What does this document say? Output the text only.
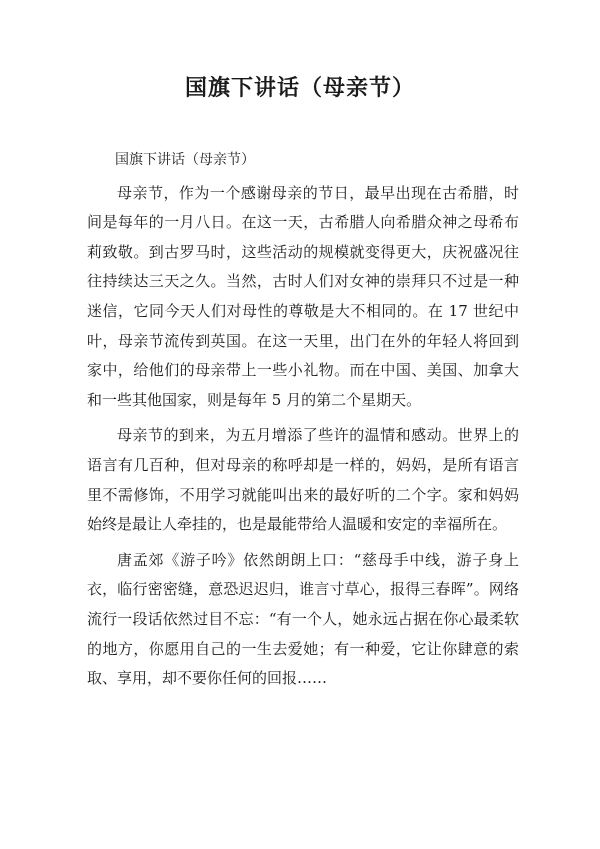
国旗下讲话（母亲节）

国旗下讲话（母亲节）

母亲节，作为一个感谢母亲的节日，最早出现在古希腊，时间是每年的一月八日。在这一天，古希腊人向希腊众神之母希布莉致敬。到古罗马时，这些活动的规模就变得更大，庆祝盛况往往持续达三天之久。当然，古时人们对女神的崇拜只不过是一种迷信，它同今天人们对母性的尊敬是大不相同的。在 17 世纪中叶，母亲节流传到英国。在这一天里，出门在外的年轻人将回到家中，给他们的母亲带上一些小礼物。而在中国、美国、加拿大和一些其他国家，则是每年 5 月的第二个星期天。

母亲节的到来，为五月增添了些许的温情和感动。世界上的语言有几百种，但对母亲的称呼却是一样的，妈妈，是所有语言里不需修饰，不用学习就能叫出来的最好听的二个字。家和妈妈始终是最让人牵挂的，也是最能带给人温暖和安定的幸福所在。

唐孟郊《游子吟》依然朗朗上口：“慈母手中线，游子身上衣，临行密密缝，意恐迟迟归，谁言寸草心，报得三春晖”。网络流行一段话依然过目不忘：“有一个人，她永远占据在你心最柔软的地方，你愿用自己的一生去爱她；有一种爱，它让你肆意的索取、享用，却不要你任何的回报……
